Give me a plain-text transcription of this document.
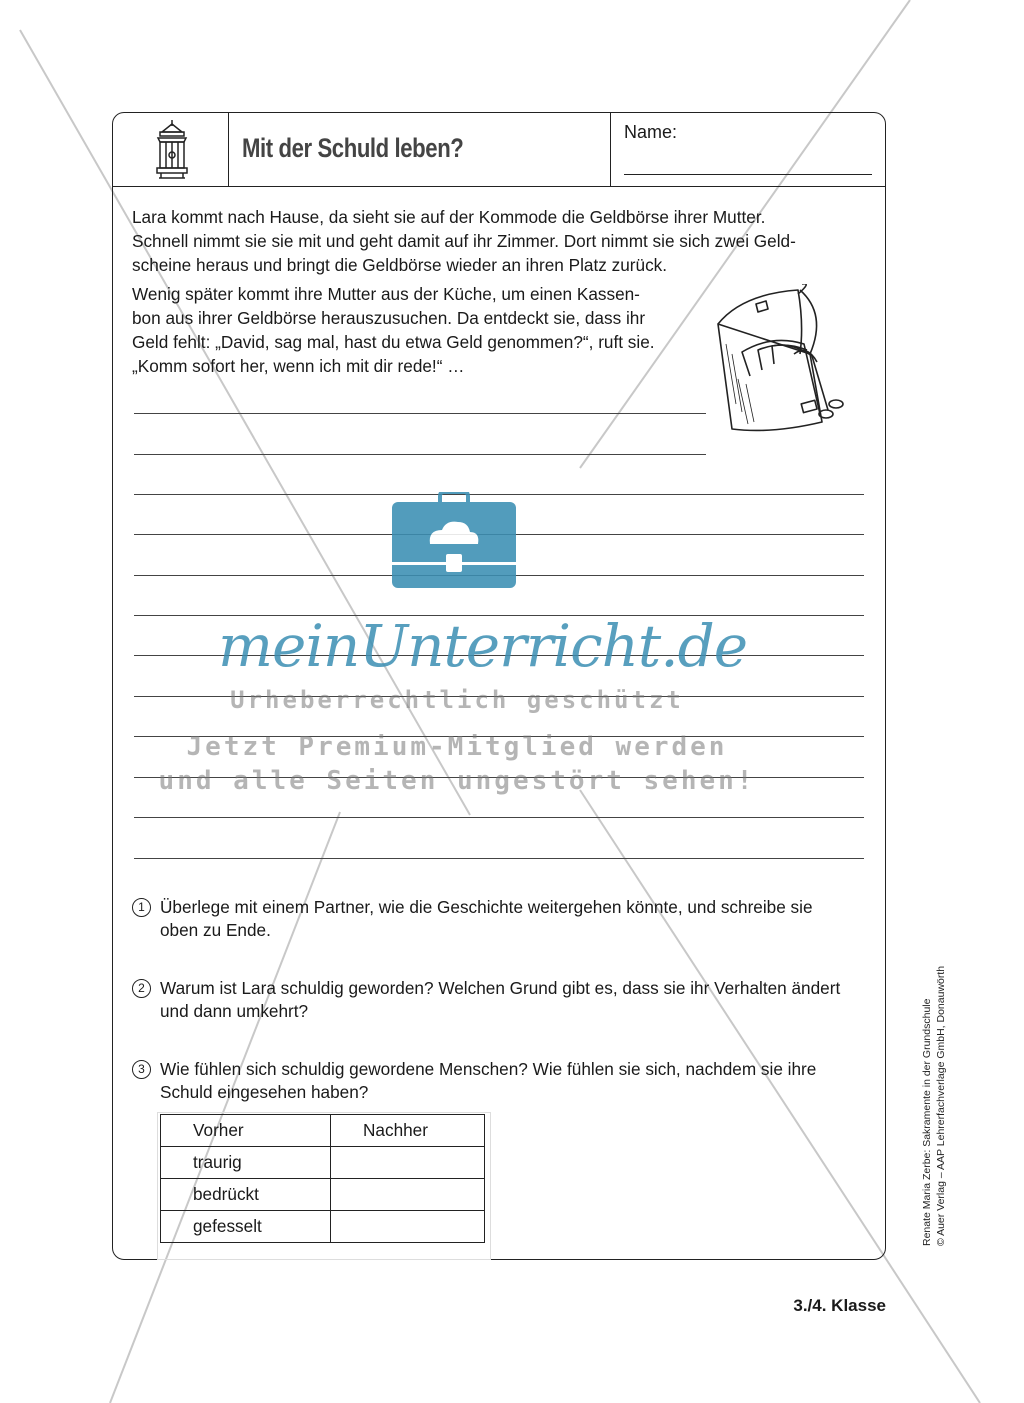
Mit der Schuld leben?
Name:
Lara kommt nach Hause, da sieht sie auf der Kommode die Geldbörse ihrer Mutter.
Schnell nimmt sie sie mit und geht damit auf ihr Zimmer. Dort nimmt sie sich zwei Geld-
scheine heraus und bringt die Geldbörse wieder an ihren Platz zurück.
Wenig später kommt ihre Mutter aus der Küche, um einen Kassen-
bon aus ihrer Geldbörse herauszusuchen. Da entdeckt sie, dass ihr
Geld fehlt: „David, sag mal, hast du etwa Geld genommen?“, ruft sie.
„Komm sofort her, wenn ich mit dir rede!“ …
1 Überlege mit einem Partner, wie die Geschichte weitergehen könnte, und schreibe sie oben zu Ende.
2 Warum ist Lara schuldig geworden? Welchen Grund gibt es, dass sie ihr Verhalten ändert und dann umkehrt?
3 Wie fühlen sich schuldig gewordene Menschen? Wie fühlen sie sich, nachdem sie ihre Schuld eingesehen haben?
Vorher	Nachher
traurig	
bedrückt	
gefesselt		Renate Maria Zerbe: Sakramente in der Grundschule © Auer Verlag – AAP Lehrerfachverlage GmbH, Donauwörth
3./4. Klasse
meinUnterricht.de
Urheberrechtlich geschützt
Jetzt Premium-Mitglied werden
und alle Seiten ungestört sehen!
